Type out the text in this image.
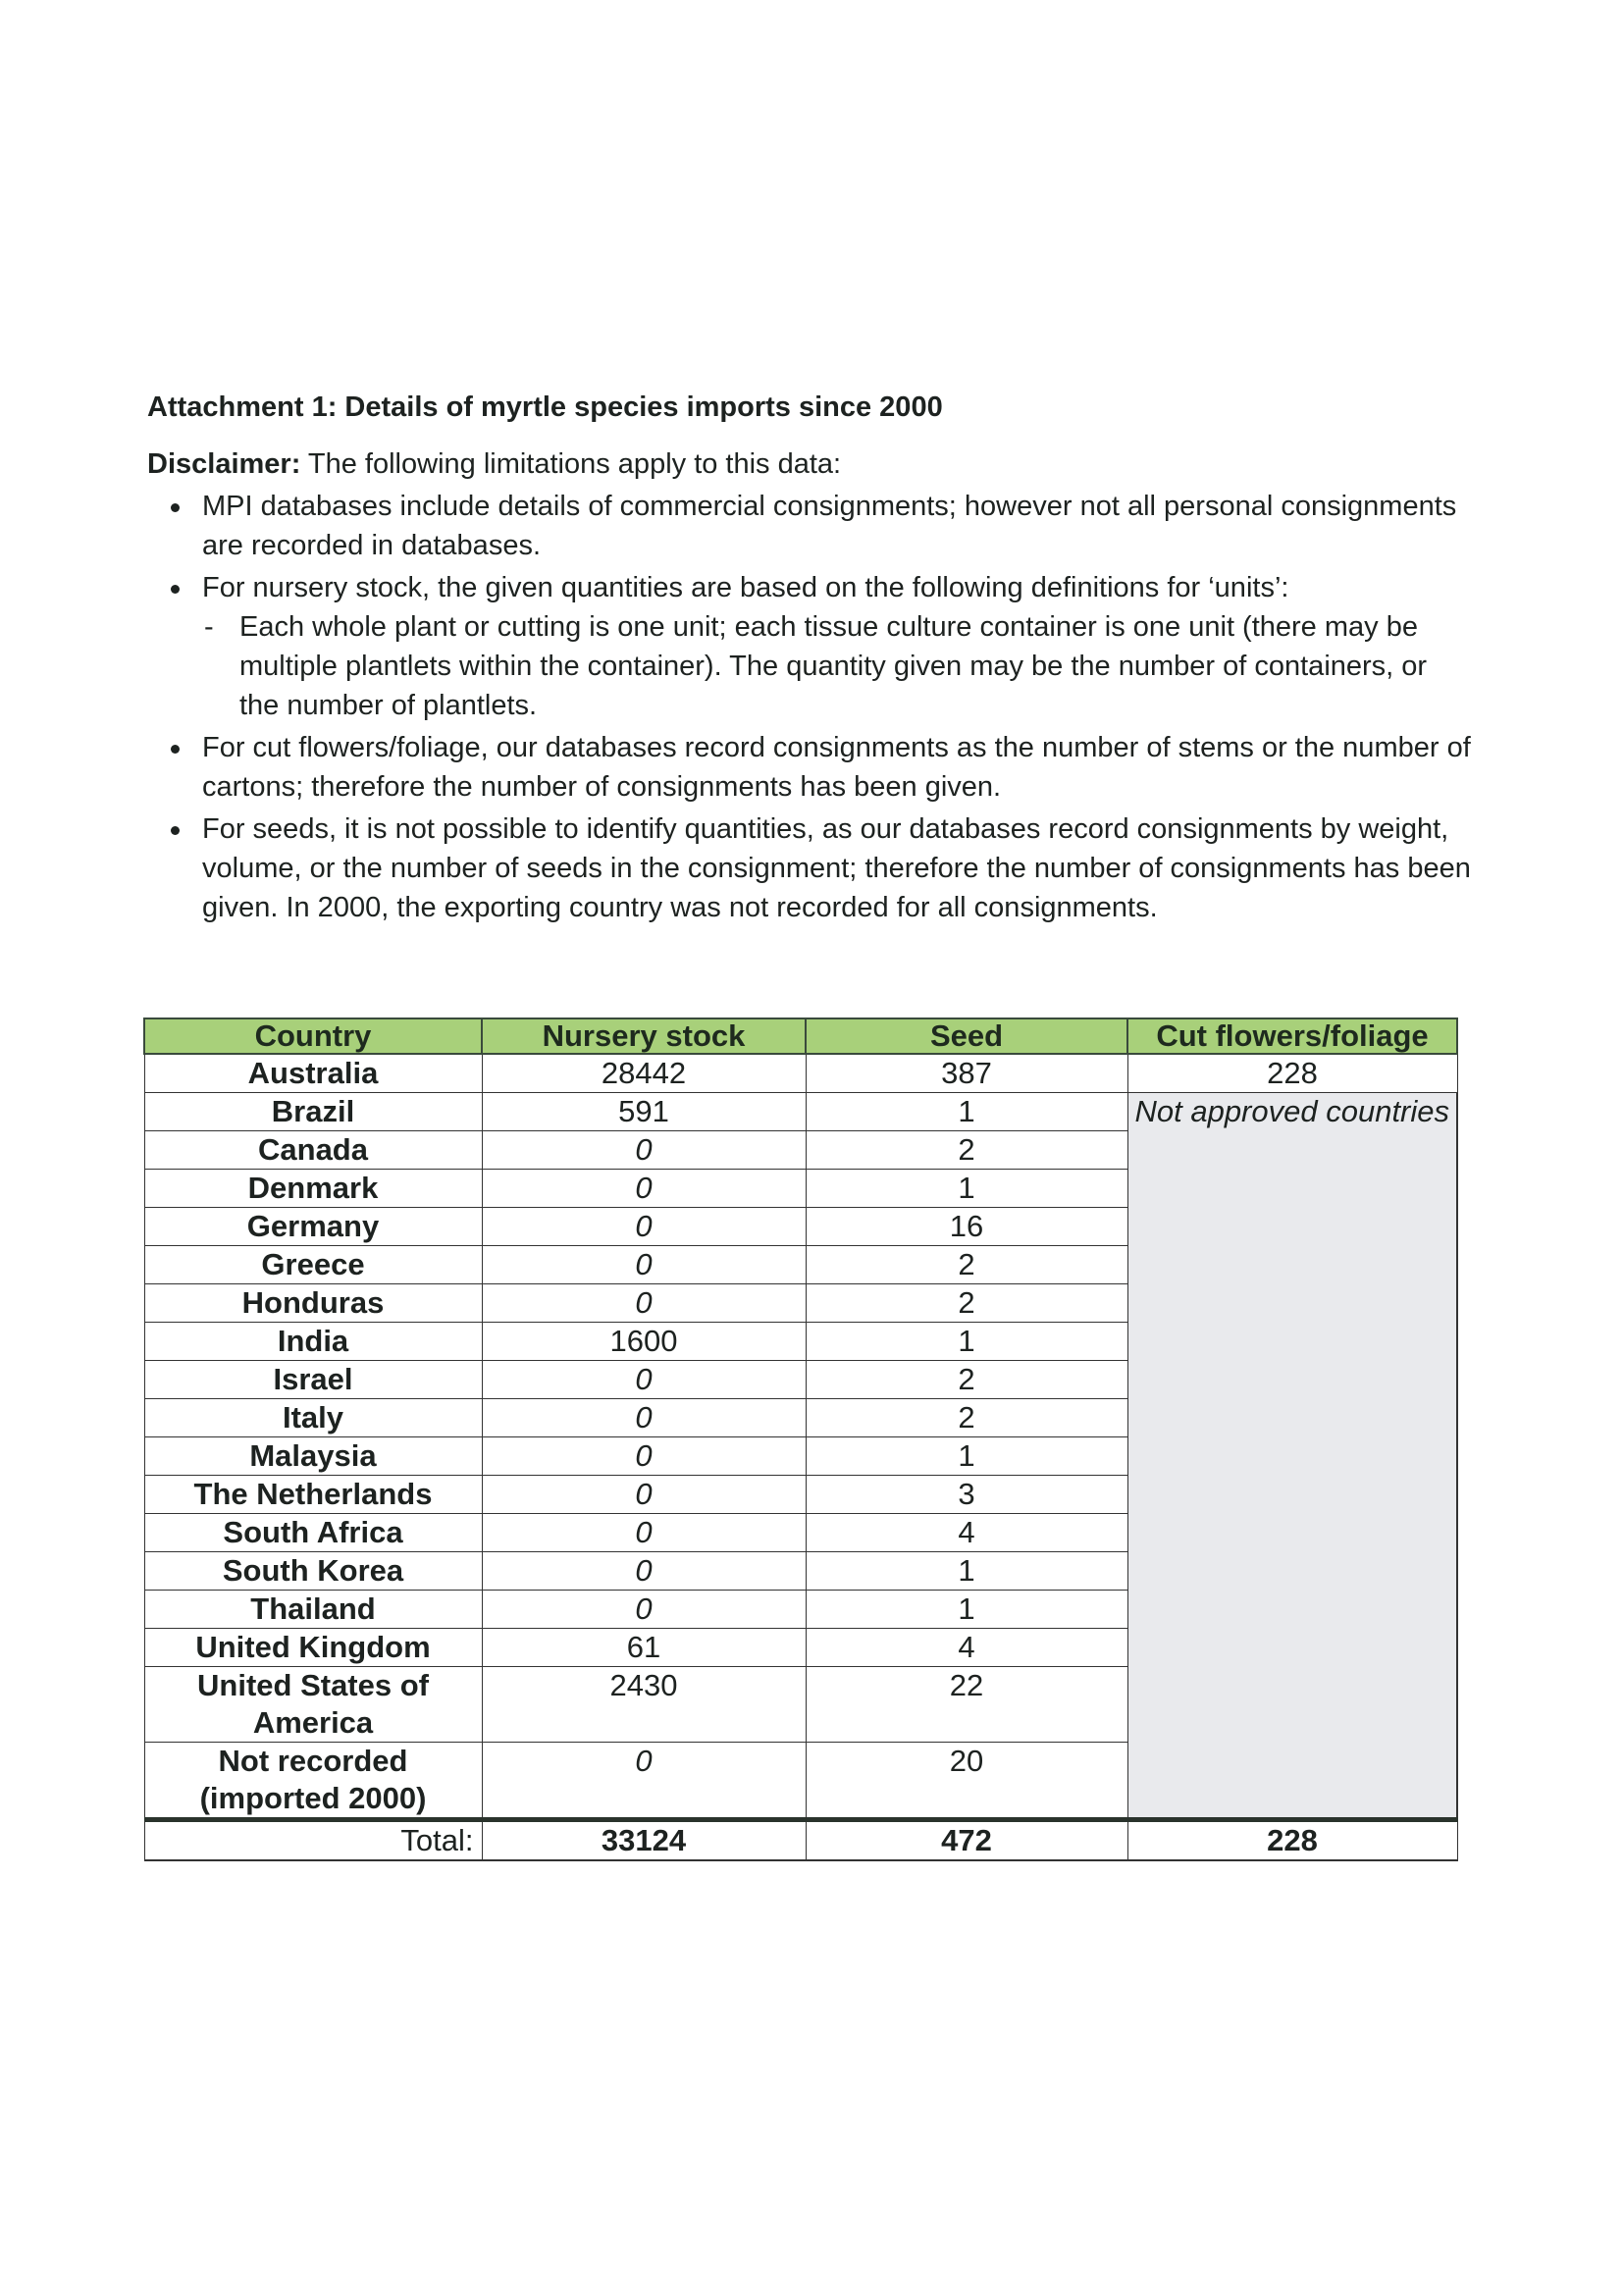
Attachment 1: Details of myrtle species imports since 2000

Disclaimer: The following limitations apply to this data:

MPI databases include details of commercial consignments; however not all personal consignments are recorded in databases.
For nursery stock, the given quantities are based on the following definitions for ‘units’:
- Each whole plant or cutting is one unit; each tissue culture container is one unit (there may be multiple plantlets within the container). The quantity given may be the number of containers, or the number of plantlets.
For cut flowers/foliage, our databases record consignments as the number of stems or the number of cartons; therefore the number of consignments has been given.
For seeds, it is not possible to identify quantities, as our databases record consignments by weight, volume, or the number of seeds in the consignment; therefore the number of consignments has been given. In 2000, the exporting country was not recorded for all consignments.
Country	Nursery stock	Seed	Cut flowers/foliage
Australia	28442	387	228
Brazil	591	1	Not approved countries
Canada	0	2	
Denmark	0	1	
Germany	0	16	
Greece	0	2	
Honduras	0	2	
India	1600	1	
Israel	0	2	
Italy	0	2	
Malaysia	0	1	
The Netherlands	0	3	
South Africa	0	4	
South Korea	0	1	
Thailand	0	1	
United Kingdom	61	4	
United States of America	2430	22	
Not recorded (imported 2000)	0	20	
Total:	33124	472	228
